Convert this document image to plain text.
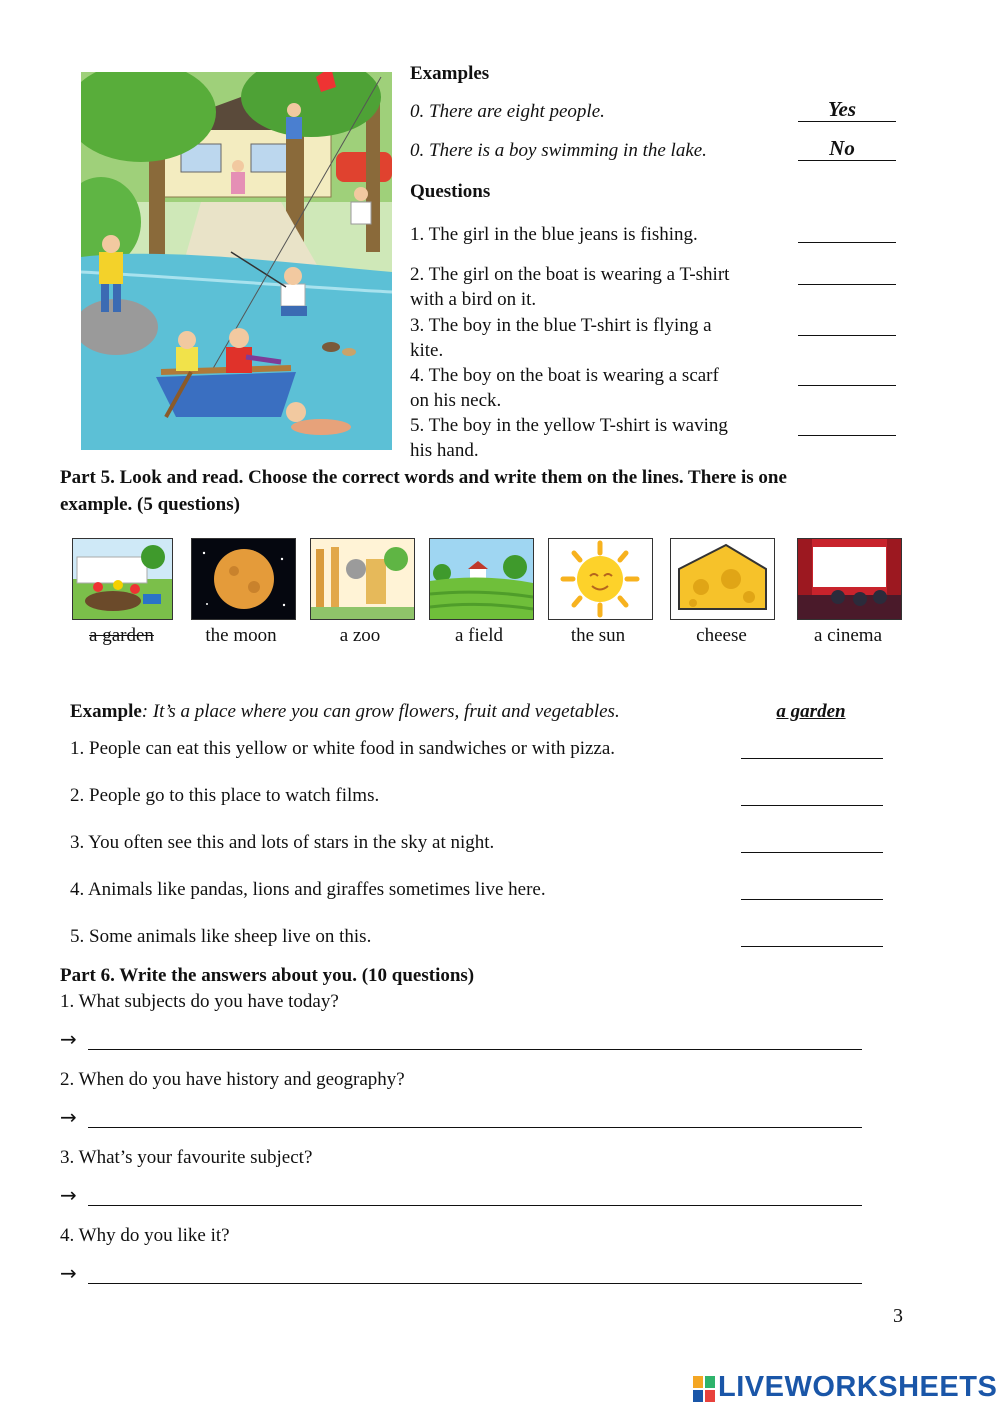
Examples
0. There are eight people.	Yes
0. There is a boy swimming in the lake.	No
Questions
1. The girl in the blue jeans is fishing.
2. The girl on the boat is wearing a T-shirt
with a bird on it.
3. The boy in the blue T-shirt is flying a
kite.
4. The boy on the boat is wearing a scarf
on his neck.
5. The boy in the yellow T-shirt is waving
his hand.
Part 5. Look and read. Choose the correct words and write them on the lines. There is one
example. (5 questions)
a garden	the moon	a zoo	a field	the sun	cheese	a cinema
Example: It’s a place where you can grow flowers, fruit and vegetables.	a garden
1. People can eat this yellow or white food in sandwiches or with pizza.
2. People go to this place to watch films.
3. You often see this and lots of stars in the sky at night.
4. Animals like pandas, lions and giraffes sometimes live here.
5. Some animals like sheep live on this.
Part 6. Write the answers about you. (10 questions)
1. What subjects do you have today?
→
2. When do you have history and geography?
→
3. What’s your favourite subject?
→
4. Why do you like it?
→
3
LIVEWORKSHEETS
